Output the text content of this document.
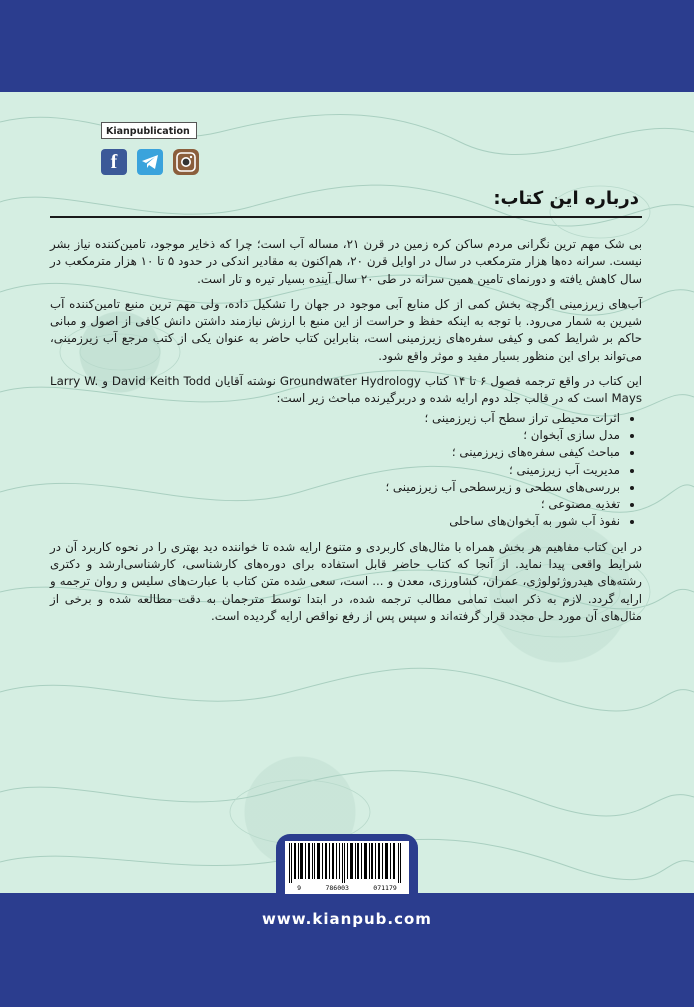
Kianpublication
f
درباره این کتاب:

بی شک مهم ترین نگرانی مردم ساکن کره زمین در قرن ۲۱، مساله آب است؛ چرا که ذخایر موجود، تامین‌کننده نیاز بشر نیست. سرانه ده‌ها هزار مترمکعب در سال در اوایل قرن ۲۰، هم‌اکنون به مقادیر اندکی در حدود ۵ تا ۱۰ هزار مترمکعب در سال کاهش یافته و دورنمای تامین همین سرانه در طی ۲۰ سال آینده بسیار تیره و تار است.

آب‌های زیرزمینی اگرچه بخش کمی از کل منابع آبی موجود در جهان را تشکیل داده، ولی مهم ترین منبع تامین‌کننده آب شیرین به شمار می‌رود. با توجه به اینکه حفظ و حراست از این منبع با ارزش نیازمند داشتن دانش کافی از اصول و مبانی حاکم بر شرایط کمی و کیفی سفره‌های زیرزمینی است، بنابراین کتاب حاضر به عنوان یکی از کتب مرجع آب زیرزمینی، می‌تواند برای این منظور بسیار مفید و موثر واقع شود.

این کتاب در واقع ترجمه فصول ۶ تا ۱۴ کتاب Groundwater Hydrology نوشته آقایان David Keith Todd و Larry W. Mays است که در قالب جلد دوم ارایه شده و دربرگیرنده مباحث زیر است:

• اثرات محیطی تراز سطح آب زیرزمینی ؛
• مدل سازی آبخوان ؛
• مباحث کیفی سفره‌های زیرزمینی ؛
• مدیریت آب زیرزمینی ؛
• بررسی‌های سطحی و زیرسطحی آب زیرزمینی ؛
• تغذیه مصنوعی ؛
• نفوذ آب شور به آبخوان‌های ساحلی

در این کتاب مفاهیم هر بخش همراه با مثال‌های کاربردی و متنوع ارایه شده تا خواننده دید بهتری را در نحوه کاربرد آن در شرایط واقعی پیدا نماید. از آنجا که کتاب حاضر قابل استفاده برای دوره‌های کارشناسی، کارشناسی‌ارشد و دکتری رشته‌های هیدروژئولوژی، عمران، کشاورزی، معدن و ... است، سعی شده متن کتاب با عبارت‌های سلیس و روان ترجمه و ارایه گردد. لازم به ذکر است تمامی مطالب ترجمه شده، در ابتدا توسط مترجمان به دقت مطالعه شده و برخی از مثال‌های آن مورد حل مجدد قرار گرفته‌اند و سپس پس از رفع نواقص ارایه گردیده است.

9	786003	071179
www.kianpub.com
